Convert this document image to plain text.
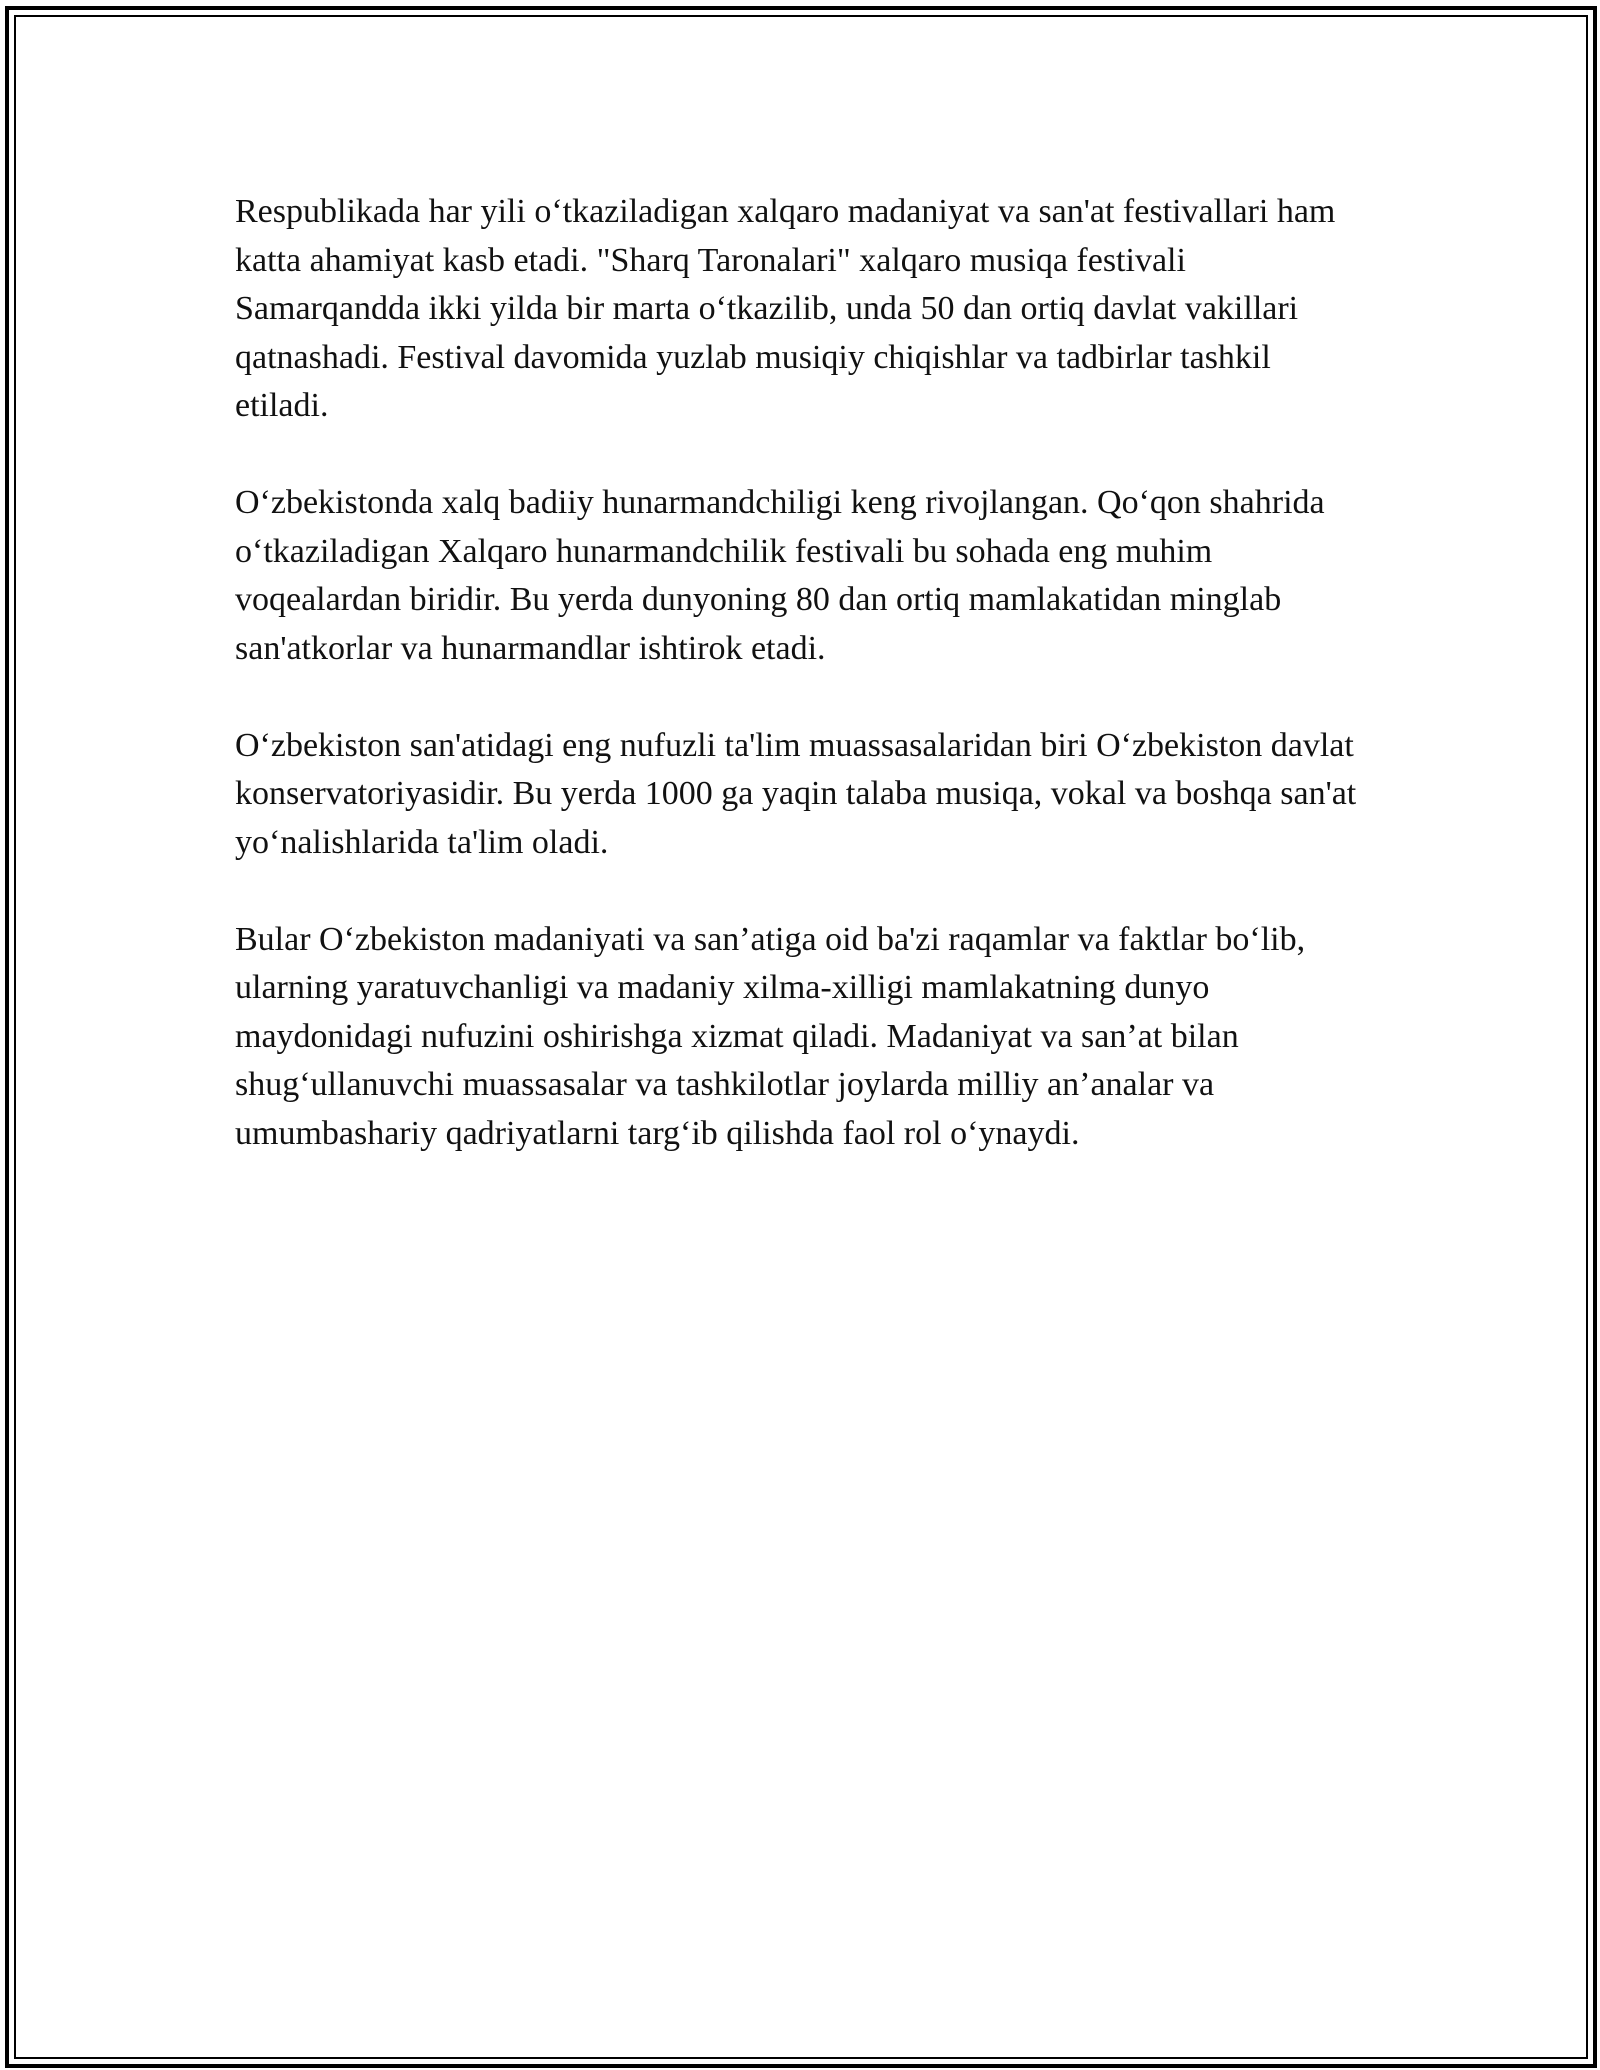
Respublikada har yili o‘tkaziladigan xalqaro madaniyat va san'at festivallari ham katta ahamiyat kasb etadi. "Sharq Taronalari" xalqaro musiqa festivali Samarqandda ikki yilda bir marta o‘tkazilib, unda 50 dan ortiq davlat vakillari qatnashadi. Festival davomida yuzlab musiqiy chiqishlar va tadbirlar tashkil etiladi.

O‘zbekistonda xalq badiiy hunarmandchiligi keng rivojlangan. Qo‘qon shahrida o‘tkaziladigan Xalqaro hunarmandchilik festivali bu sohada eng muhim voqealardan biridir. Bu yerda dunyoning 80 dan ortiq mamlakatidan minglab san'atkorlar va hunarmandlar ishtirok etadi.

O‘zbekiston san'atidagi eng nufuzli ta'lim muassasalaridan biri O‘zbekiston davlat konservatoriyasidir. Bu yerda 1000 ga yaqin talaba musiqa, vokal va boshqa san'at yo‘nalishlarida ta'lim oladi.

Bular O‘zbekiston madaniyati va san’atiga oid ba'zi raqamlar va faktlar bo‘lib, ularning yaratuvchanligi va madaniy xilma-xilligi mamlakatning dunyo maydonidagi nufuzini oshirishga xizmat qiladi. Madaniyat va san’at bilan shug‘ullanuvchi muassasalar va tashkilotlar joylarda milliy an’analar va umumbashariy qadriyatlarni targ‘ib qilishda faol rol o‘ynaydi.
